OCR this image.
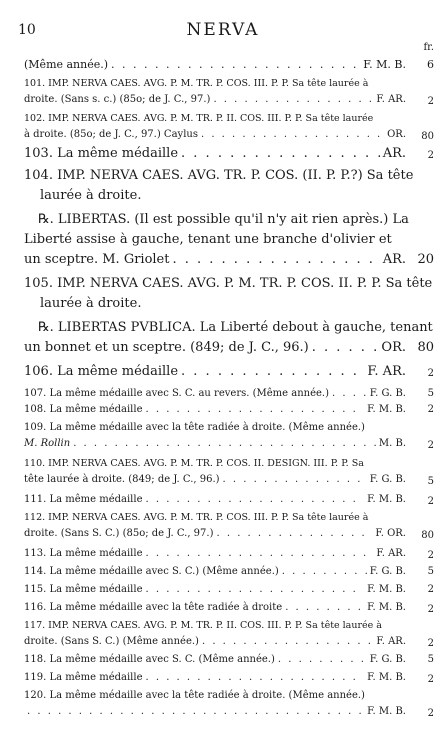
10	NERVA
fr.
(Même année.) . . .	F. M. B. 6
101. IMP. NERVA CAES. AVG. P. M. TR. P. COS. III. P. P. Sa tête laurée à
droite. (Sans s. c.) (85o; de J. C., 97.) . . .	F. AR. 2
102. IMP. NERVA CAES. AVG. P. M. TR. P. II. COS. III. P. P. Sa tête laurée
à droite. (85o; de J. C., 97.) Caylus . . .	OR. 80
103. La même médaille . . .	AR. 2
104. IMP. NERVA CAES. AVG. TR. P. COS. (II. P. P.?) Sa tête
laurée à droite.
℞. LIBERTAS. (Il est possible qu'il n'y ait rien après.) La
Liberté assise à gauche, tenant une branche d'olivier et
un sceptre. M. Griolet . . .	AR. 20
105. IMP. NERVA CAES. AVG. P. M. TR. P. COS. II. P. P. Sa tête
laurée à droite.
℞. LIBERTAS PVBLICA. La Liberté debout à gauche, tenant
un bonnet et un sceptre. (849; de J. C., 96.) . . .	OR. 80
106. La même médaille . . .	F. AR. 2
107. La même médaille avec S. C. au revers. (Même année.) . . .	F. G. B. 5
108. La même médaille . . .	F. M. B. 2
109. La même médaille avec la tête radiée à droite. (Même année.)
M. Rollin . . .	M. B. 2
110. IMP. NERVA CAES. AVG. P. M. TR. P. COS. II. DESIGN. III. P. P. Sa
tête laurée à droite. (849; de J. C., 96.) . . .	F. G. B. 5
111. La même médaille . . .	F. M. B. 2
112. IMP. NERVA CAES. AVG. P. M. TR. P. COS. III. P. P. Sa tête laurée à
droite. (Sans S. C.) (85o; de J. C., 97.) . . .	F. OR. 80
113. La même médaille . . .	F. AR. 2
114. La même médaille avec S. C.) (Même année.) . . .	F. G. B. 5
115. La même médaille . . .	F. M. B. 2
116. La même médaille avec la tête radiée à droite . . .	F. M. B. 2
117. IMP. NERVA CAES. AVG. P. M. TR. P. II. COS. III. P. P. Sa tête laurée à
droite. (Sans S. C.) (Même année.) . . .	F. AR. 2
118. La même médaille avec S. C. (Même année.) . . .	F. G. B. 5
119. La même médaille . . .	F. M. B. 2
120. La même médaille avec la tête radiée à droite. (Même année.)
. . .
F. M. B. 2
